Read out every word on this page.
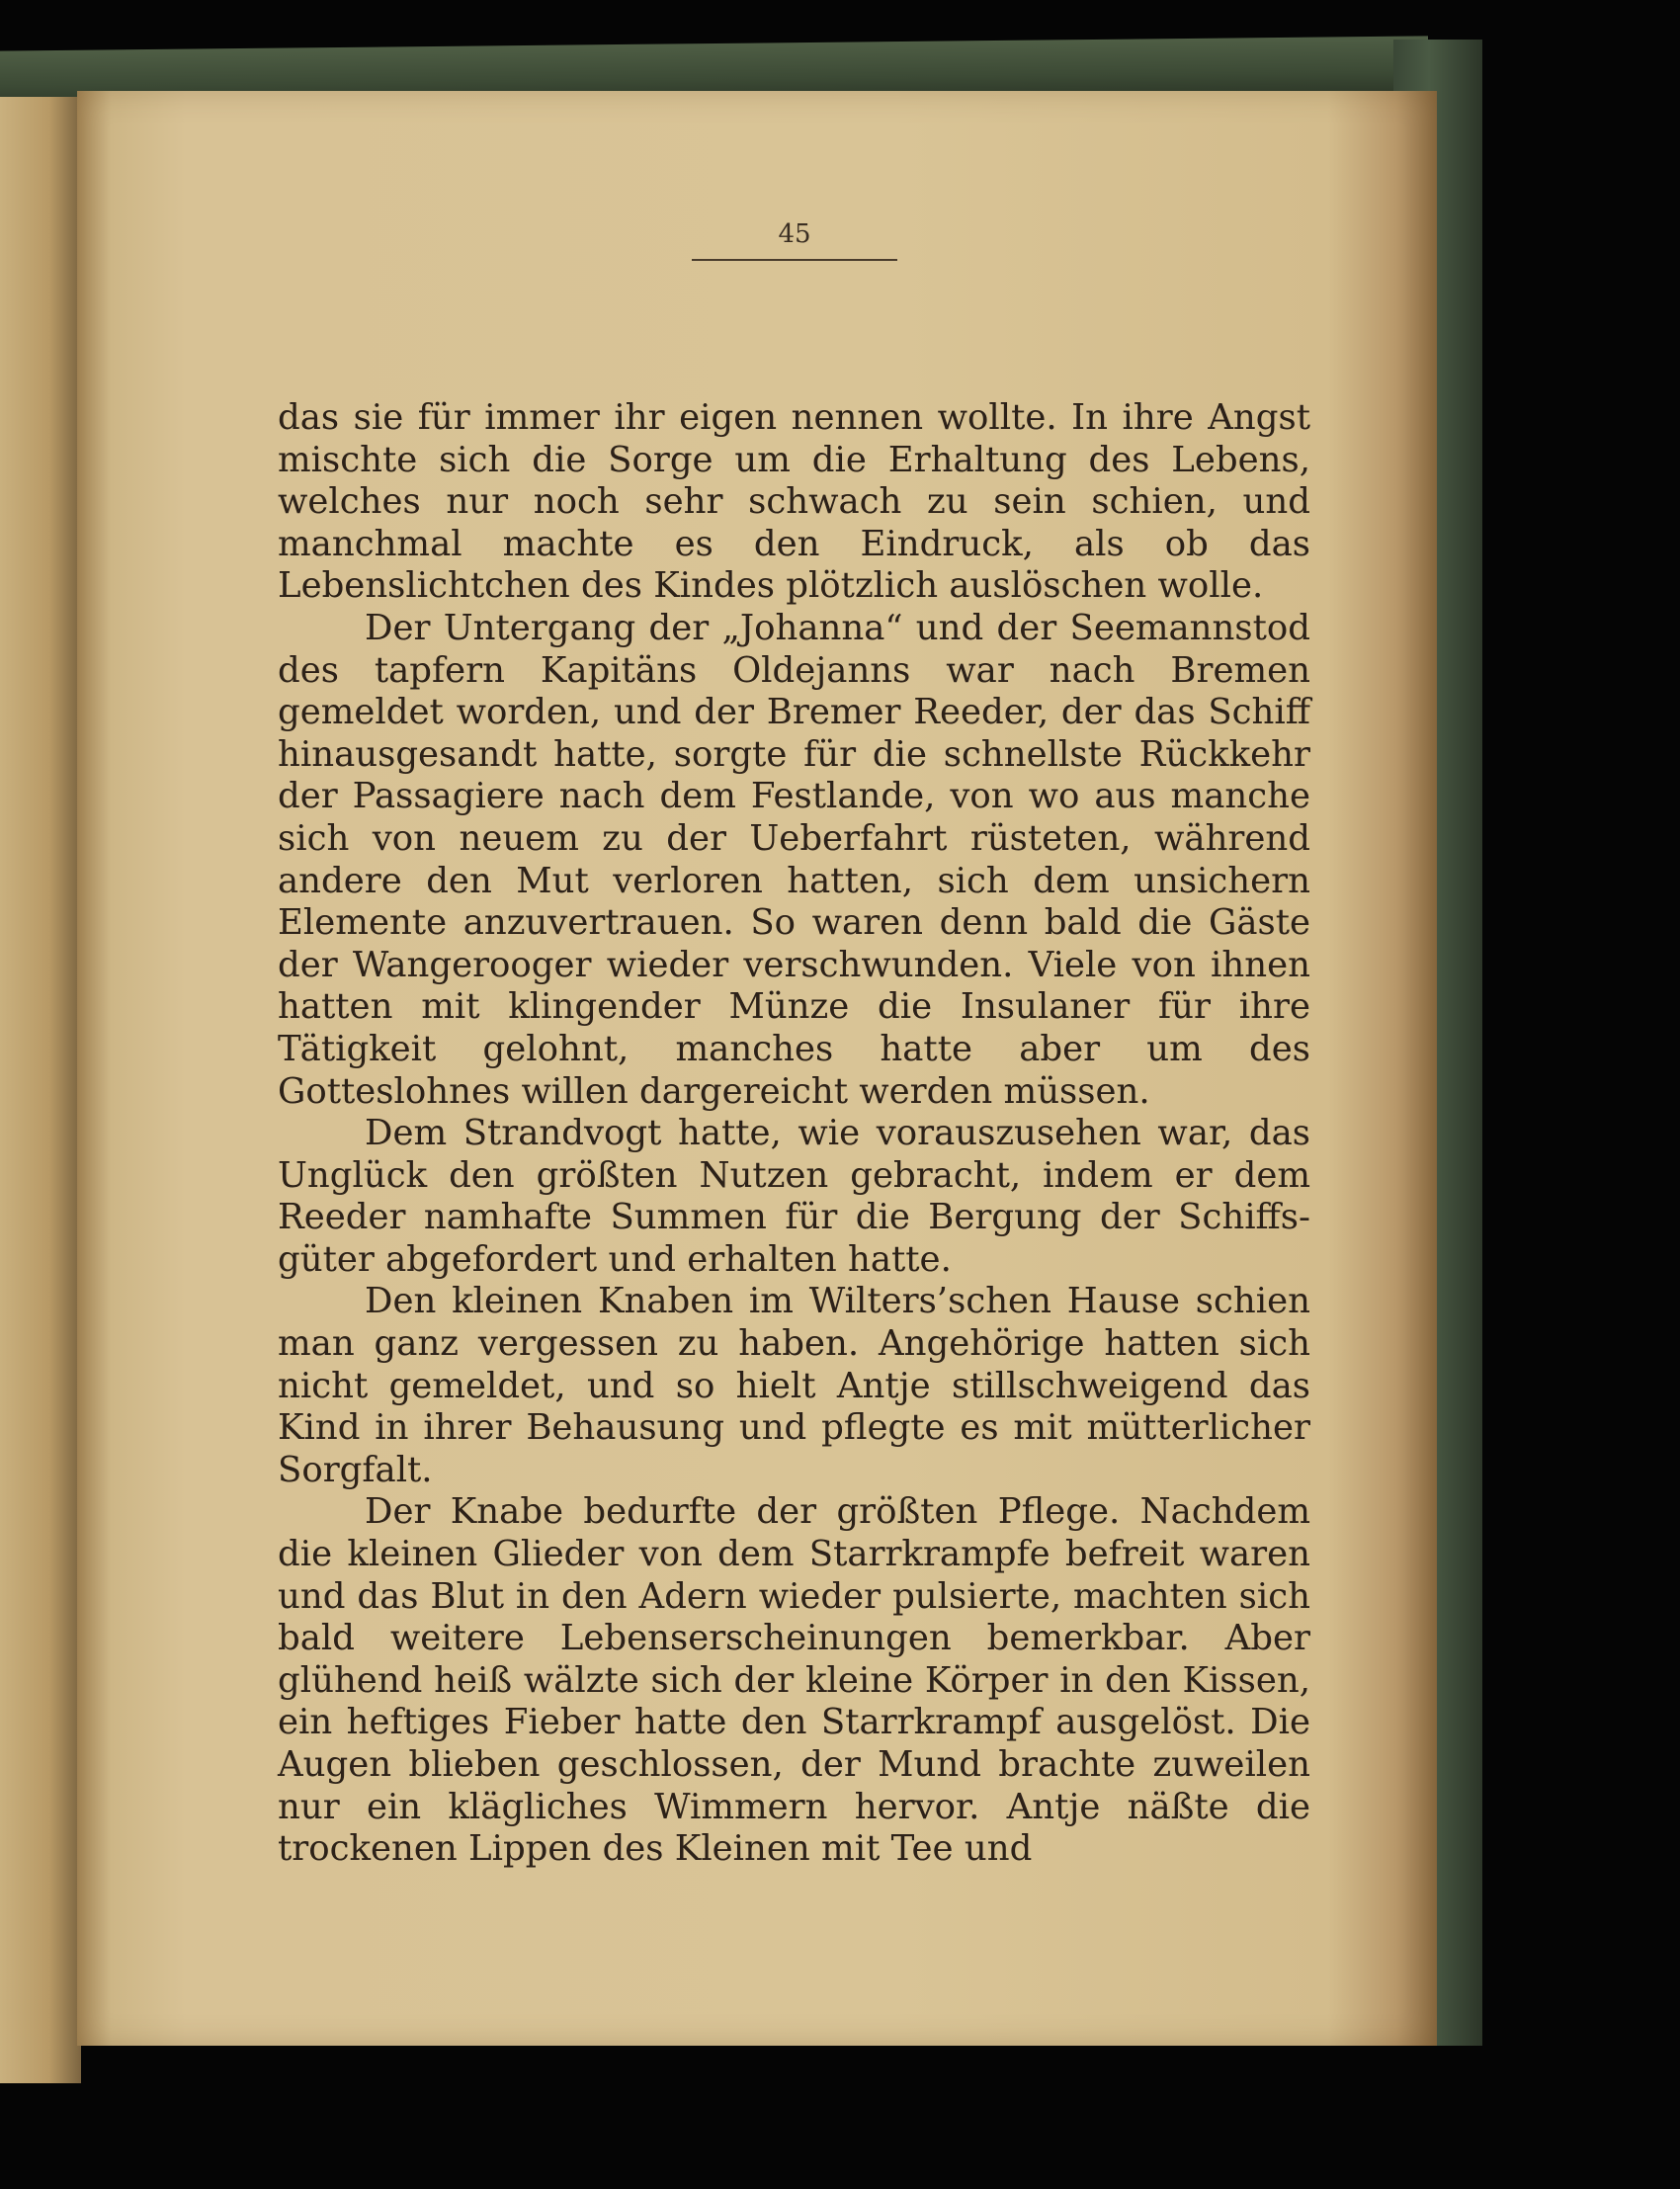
45

das sie für immer ihr eigen nennen wollte. In ihre Angst mischte sich die Sorge um die Erhaltung des Lebens, welches nur noch sehr schwach zu sein schien, und manchmal machte es den Eindruck, als ob das Lebenslichtchen des Kindes plötzlich auslöschen wolle.

Der Untergang der „Johanna“ und der Seemannstod des tapfern Kapitäns Oldejanns war nach Bremen gemeldet worden, und der Bremer Reeder, der das Schiff hinausgesandt hatte, sorgte für die schnellste Rückkehr der Passagiere nach dem Festlande, von wo aus manche sich von neuem zu der Ueberfahrt rüsteten, während andere den Mut verloren hatten, sich dem unsichern Elemente anzuvertrauen. So waren denn bald die Gäste der Wangerooger wieder verschwunden. Viele von ihnen hatten mit klingender Münze die Insulaner für ihre Tätigkeit gelohnt, manches hatte aber um des Gotteslohnes willen dargereicht werden müssen.

Dem Strandvogt hatte, wie vorauszusehen war, das Unglück den größten Nutzen gebracht, indem er dem Reeder namhafte Summen für die Bergung der Schiffsgüter abgefordert und erhalten hatte.

Den kleinen Knaben im Wilters’schen Hause schien man ganz vergessen zu haben. Angehörige hatten sich nicht gemeldet, und so hielt Antje stillschweigend das Kind in ihrer Behausung und pflegte es mit mütterlicher Sorgfalt.

Der Knabe bedurfte der größten Pflege. Nachdem die kleinen Glieder von dem Starrkrampfe befreit waren und das Blut in den Adern wieder pulsierte, machten sich bald weitere Lebenserscheinungen bemerkbar. Aber glühend heiß wälzte sich der kleine Körper in den Kissen, ein heftiges Fieber hatte den Starrkrampf ausgelöst. Die Augen blieben geschlossen, der Mund brachte zuweilen nur ein klägliches Wimmern hervor. Antje näßte die trockenen Lippen des Kleinen mit Tee und
